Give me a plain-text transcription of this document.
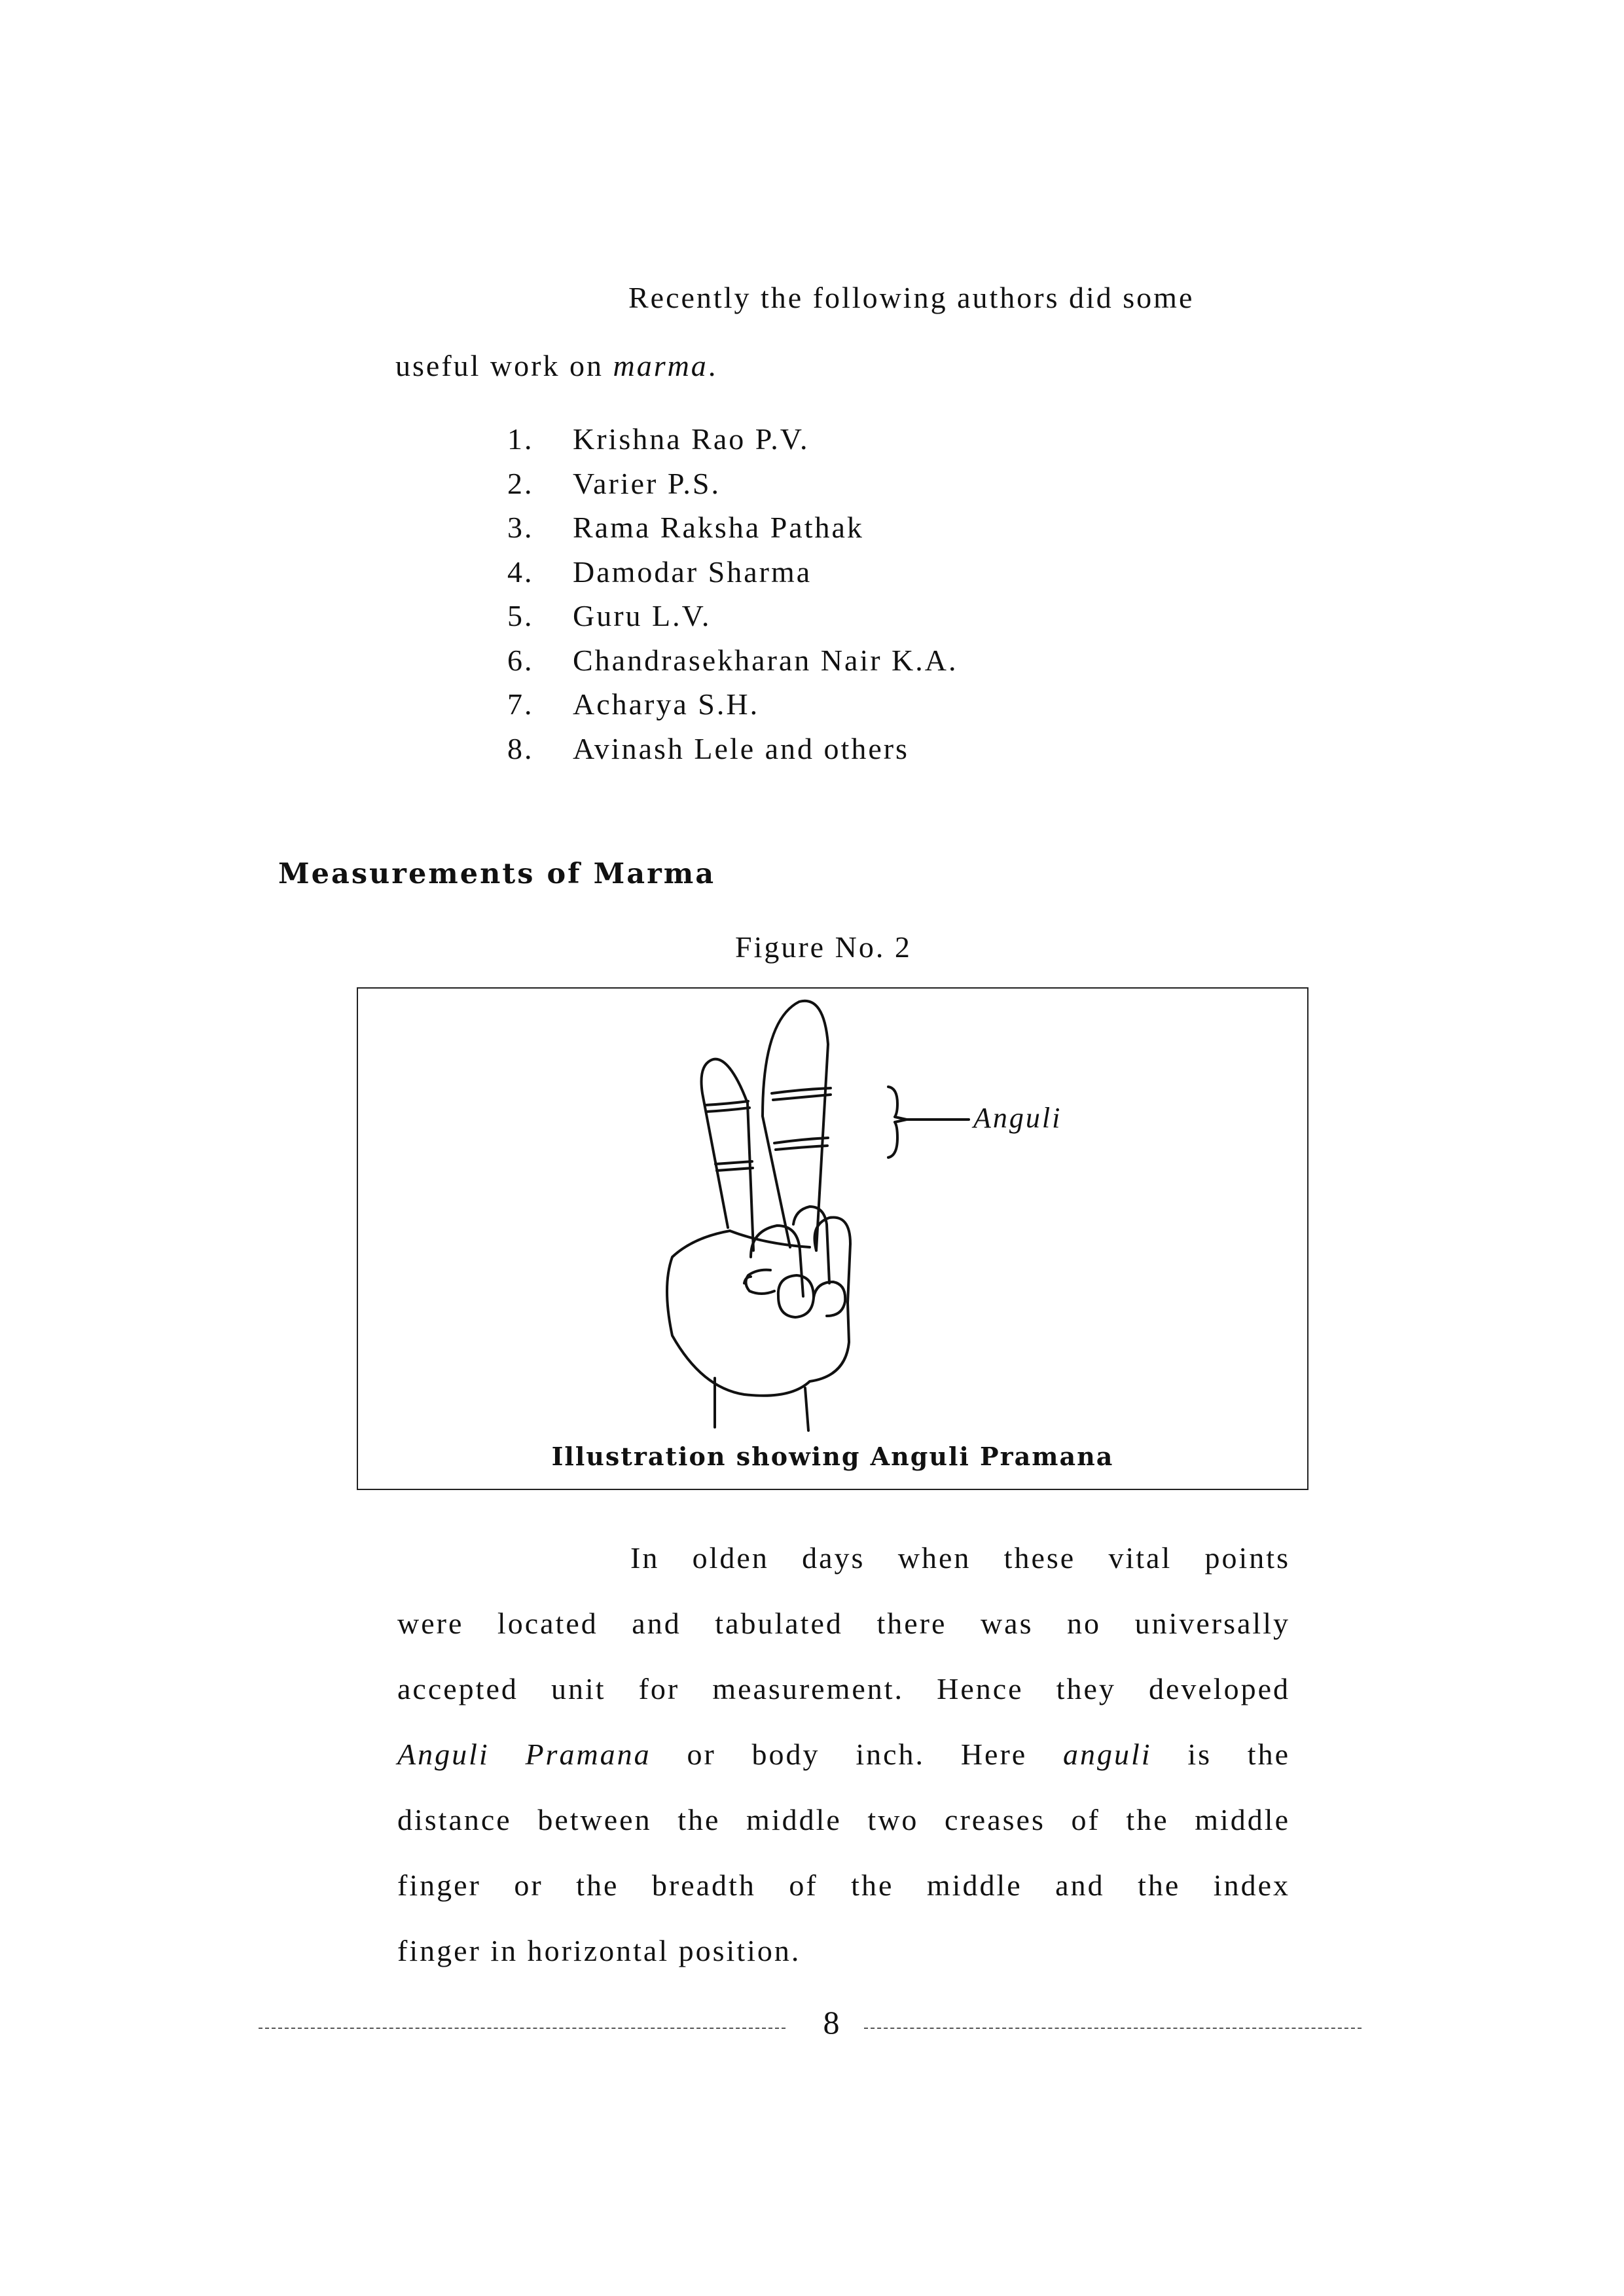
Recently the following authors did some
useful work on marma.
1. Krishna Rao P.V.
2. Varier P.S.
3. Rama Raksha Pathak
4. Damodar Sharma
5. Guru L.V.
6. Chandrasekharan Nair K.A.
7. Acharya S.H.
8. Avinash Lele and others
Measurements of Marma
Figure No. 2
Anguli
Illustration showing Anguli Pramana
In olden days when these vital points
were located and tabulated there was no universally
accepted unit for measurement. Hence they developed
Anguli Pramana or body inch. Here anguli is the
distance between the middle two creases of the middle
finger or the breadth of the middle and the index
finger in horizontal position.
8
